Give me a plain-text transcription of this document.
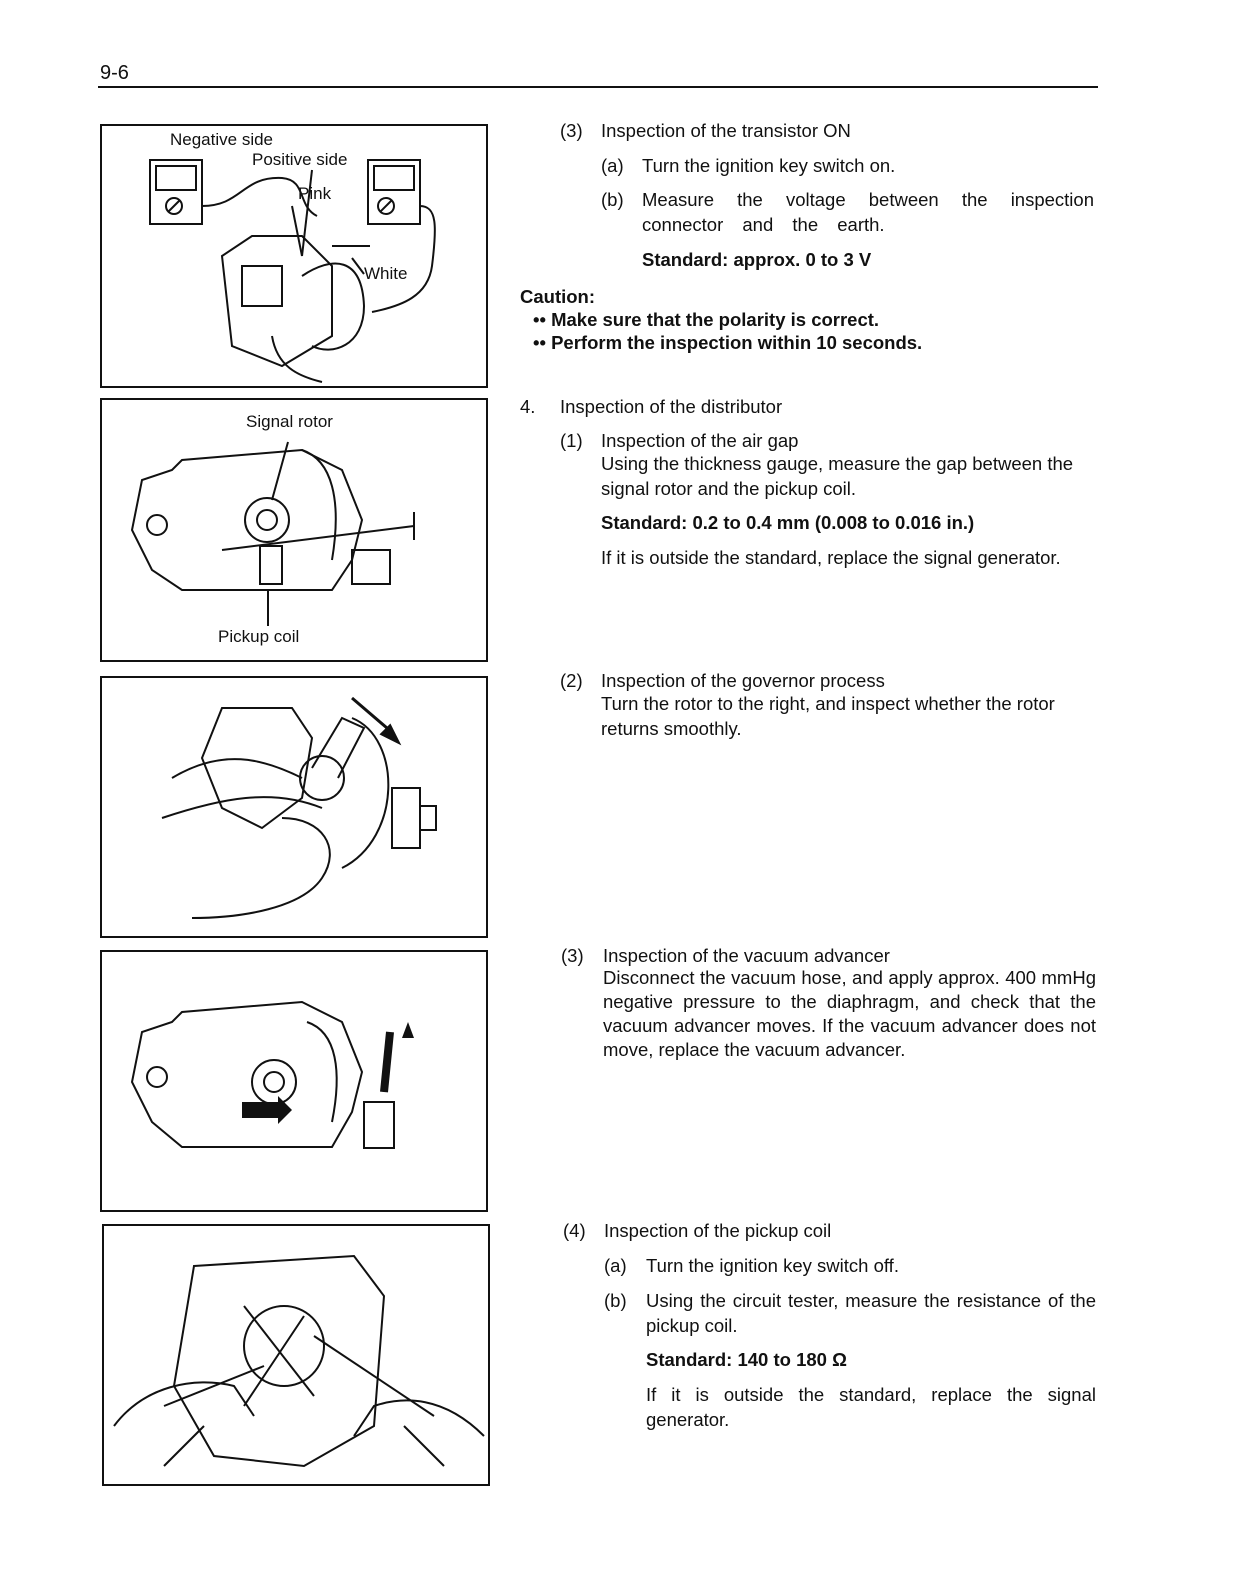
9-6
Negative side
Positive side
Pink
White
Signal rotor
Pickup coil
(3) Inspection of the transistor ON
(a) Turn the ignition key switch on.
(b) Measure the voltage between the inspection connector and the earth.
Standard: approx. 0 to 3 V
Caution:
•• Make sure that the polarity is correct.
•• Perform the inspection within 10 seconds.
4. Inspection of the distributor
(1) Inspection of the air gap
Using the thickness gauge, measure the gap between the signal rotor and the pickup coil.
Standard: 0.2 to 0.4 mm (0.008 to 0.016 in.)
If it is outside the standard, replace the signal generator.
(2) Inspection of the governor process
Turn the rotor to the right, and inspect whether the rotor returns smoothly.
(3) Inspection of the vacuum advancer
Disconnect the vacuum hose, and apply approx. 400 mmHg negative pressure to the diaphragm, and check that the vacuum advancer moves. If the vacuum advancer does not move, replace the vacuum advancer.
(4) Inspection of the pickup coil
(a) Turn the ignition key switch off.
(b) Using the circuit tester, measure the resistance of the pickup coil.
Standard: 140 to 180 Ω
If it is outside the standard, replace the signal generator.
